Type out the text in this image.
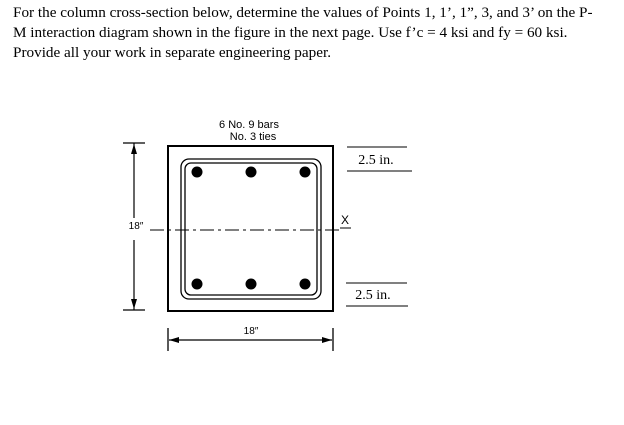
For the column cross-section below, determine the values of Points 1, 1’, 1”, 3, and 3’ on the P-

M interaction diagram shown in the figure in the next page. Use f’c = 4 ksi and fy = 60 ksi.

Provide all your work in separate engineering paper.

6 No. 9 bars
No. 3 ties
X
18″
2.5 in.
2.5 in.
18″
